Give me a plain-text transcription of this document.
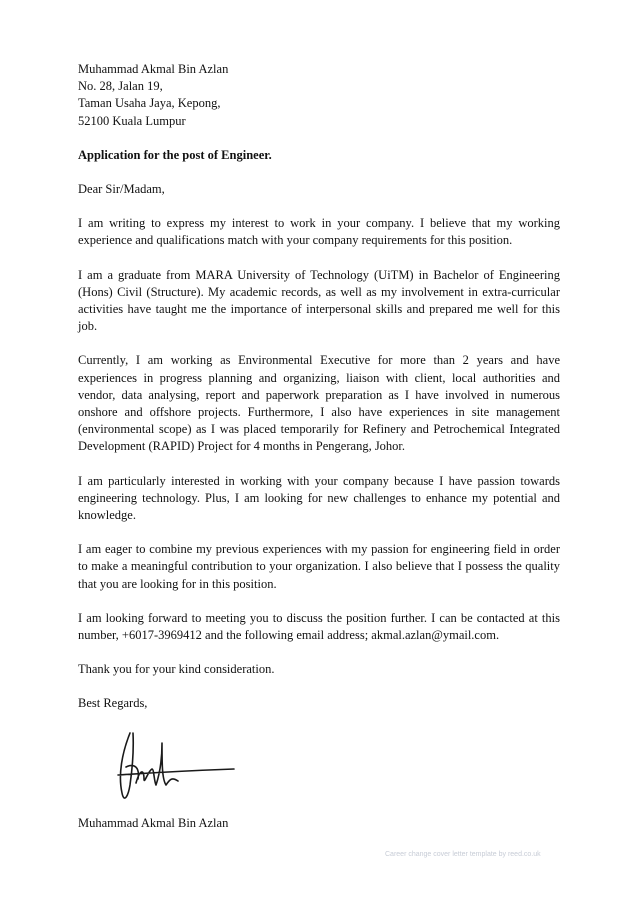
Muhammad Akmal Bin Azlan
No. 28, Jalan 19,
Taman Usaha Jaya, Kepong,
52100 Kuala Lumpur
Application for the post of Engineer.
Dear Sir/Madam,
I am writing to express my interest to work in your company. I believe that my working experience and qualifications match with your company requirements for this position.
I am a graduate from MARA University of Technology (UiTM) in Bachelor of Engineering (Hons) Civil (Structure). My academic records, as well as my involvement in extra-curricular activities have taught me the importance of interpersonal skills and prepared me well for this job.
Currently, I am working as Environmental Executive for more than 2 years and have experiences in progress planning and organizing, liaison with client, local authorities and vendor, data analysing, report and paperwork preparation as I have involved in numerous onshore and offshore projects. Furthermore, I also have experiences in site management (environmental scope) as I was placed temporarily for Refinery and Petrochemical Integrated Development (RAPID) Project for 4 months in Pengerang, Johor.
I am particularly interested in working with your company because I have passion towards engineering technology. Plus, I am looking for new challenges to enhance my potential and knowledge.
I am eager to combine my previous experiences with my passion for engineering field in order to make a meaningful contribution to your organization. I also believe that I possess the quality that you are looking for in this position.
I am looking forward to meeting you to discuss the position further. I can be contacted at this number, +6017-3969412 and the following email address; akmal.azlan@ymail.com.
Thank you for your kind consideration.
Best Regards,
Muhammad Akmal Bin Azlan
Career change cover letter template by reed.co.uk
